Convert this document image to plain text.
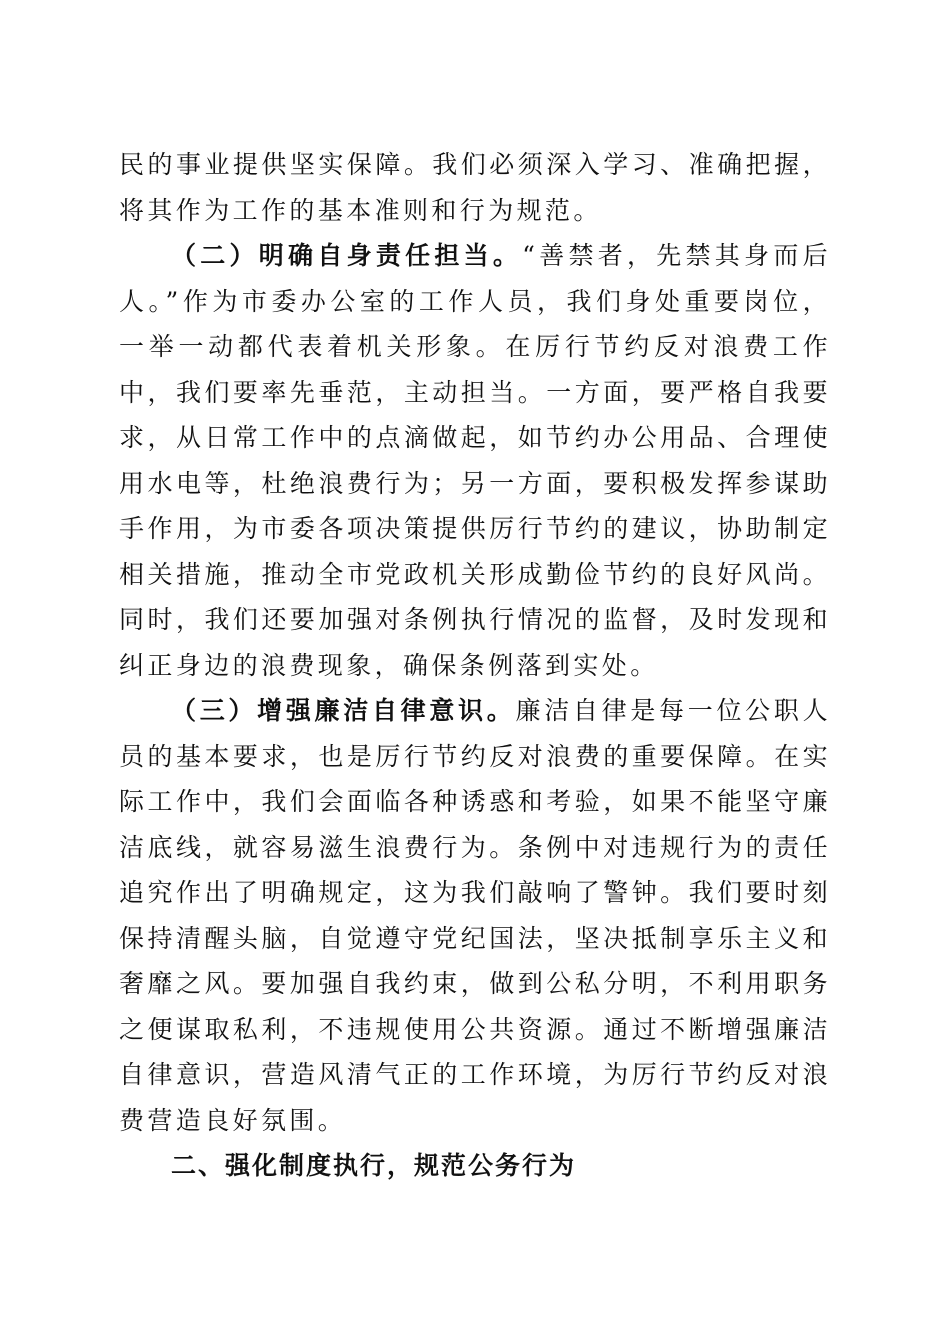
民的事业提供坚实保障。我们必须深入学习、准确把握，将其作为工作的基本准则和行为规范。

（二）明确自身责任担当。“善禁者，先禁其身而后人。”作为市委办公室的工作人员，我们身处重要岗位，一举一动都代表着机关形象。在厉行节约反对浪费工作中，我们要率先垂范，主动担当。一方面，要严格自我要求，从日常工作中的点滴做起，如节约办公用品、合理使用水电等，杜绝浪费行为；另一方面，要积极发挥参谋助手作用，为市委各项决策提供厉行节约的建议，协助制定相关措施，推动全市党政机关形成勤俭节约的良好风尚。同时，我们还要加强对条例执行情况的监督，及时发现和纠正身边的浪费现象，确保条例落到实处。

（三）增强廉洁自律意识。廉洁自律是每一位公职人员的基本要求，也是厉行节约反对浪费的重要保障。在实际工作中，我们会面临各种诱惑和考验，如果不能坚守廉洁底线，就容易滋生浪费行为。条例中对违规行为的责任追究作出了明确规定，这为我们敲响了警钟。我们要时刻保持清醒头脑，自觉遵守党纪国法，坚决抵制享乐主义和奢靡之风。要加强自我约束，做到公私分明，不利用职务之便谋取私利，不违规使用公共资源。通过不断增强廉洁自律意识，营造风清气正的工作环境，为厉行节约反对浪费营造良好氛围。

二、强化制度执行，规范公务行为
